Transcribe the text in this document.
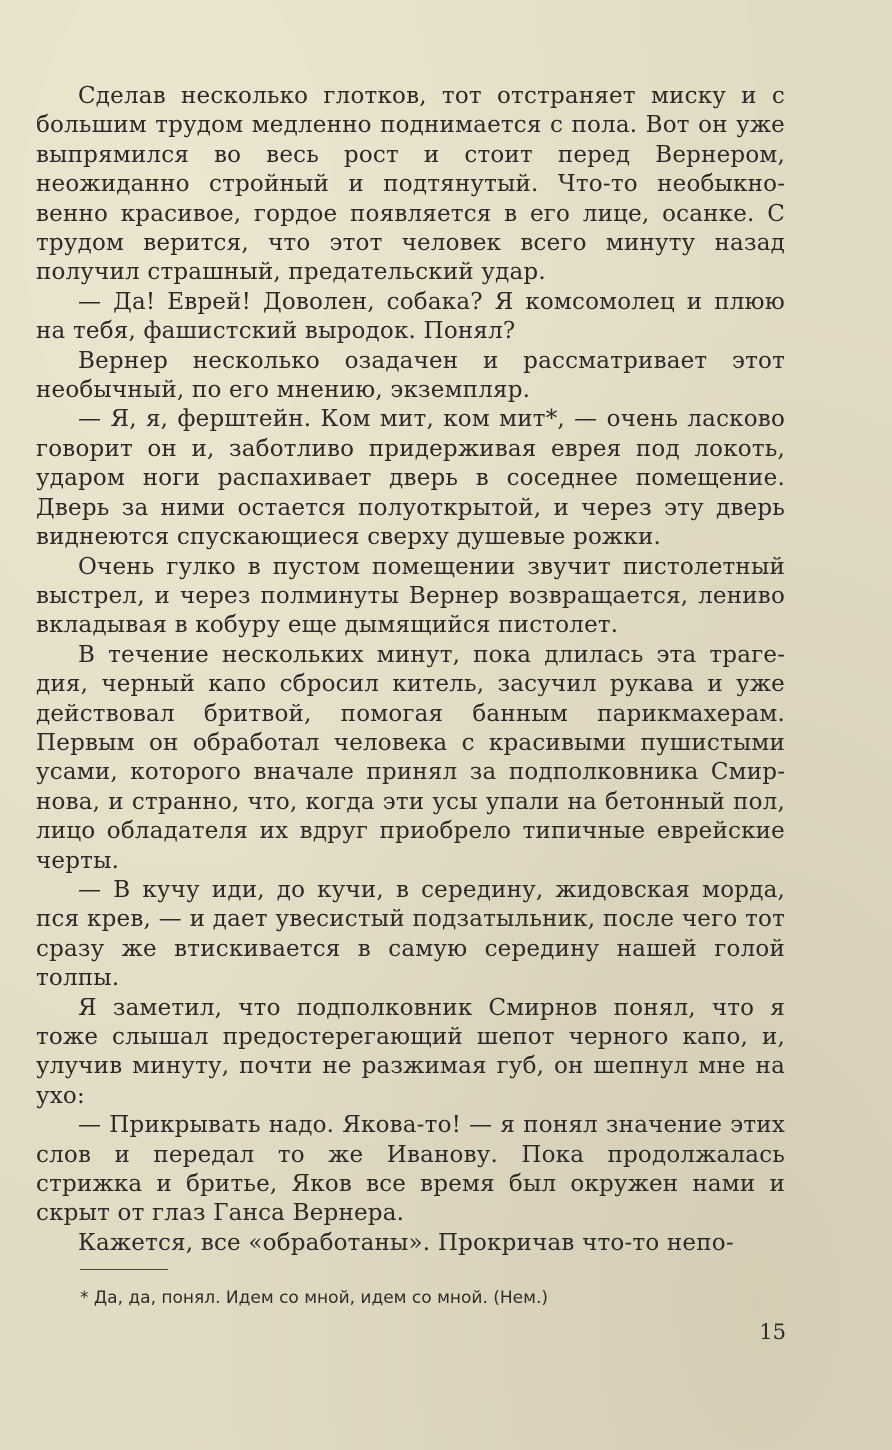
Сделав несколько глотков, тот отстраняет миску и с большим трудом медленно поднимается с пола. Вот он уже выпрямился во весь рост и стоит перед Вернером, неожиданно стройный и подтянутый. Что-то необыкновенно красивое, гордое появляется в его лице, осанке. С трудом верится, что этот человек всего минуту назад получил страшный, предательский удар.

— Да! Еврей! Доволен, собака? Я комсомолец и плюю на тебя, фашистский выродок. Понял?

Вернер несколько озадачен и рассматривает этот необычный, по его мнению, экземпляр.

— Я, я, ферштейн. Ком мит, ком мит*, — очень ласково говорит он и, заботливо придерживая еврея под локоть, ударом ноги распахивает дверь в соседнее помещение. Дверь за ними остается полуоткрытой, и через эту дверь виднеются спускающиеся сверху душевые рожки.

Очень гулко в пустом помещении звучит пистолетный выстрел, и через полминуты Вернер возвращается, лениво вкладывая в кобуру еще дымящийся пистолет.

В течение нескольких минут, пока длилась эта трагедия, черный капо сбросил китель, засучил рукава и уже действовал бритвой, помогая банным парикмахерам. Первым он обработал человека с красивыми пушистыми усами, которого вначале принял за подполковника Смирнова, и странно, что, когда эти усы упали на бетонный пол, лицо обладателя их вдруг приобрело типичные еврейские черты.

— В кучу иди, до кучи, в середину, жидовская морда, пся крев, — и дает увесистый подзатыльник, после чего тот сразу же втискивается в самую середину нашей голой толпы.

Я заметил, что подполковник Смирнов понял, что я тоже слышал предостерегающий шепот черного капо, и, улучив минуту, почти не разжимая губ, он шепнул мне на ухо:

— Прикрывать надо. Якова-то! — я понял значение этих слов и передал то же Иванову. Пока продолжалась стрижка и бритье, Яков все время был окружен нами и скрыт от глаз Ганса Вернера.

Кажется, все «обработаны». Прокричав что-то непо-

* Да, да, понял. Идем со мной, идем со мной. (Нем.)

15
